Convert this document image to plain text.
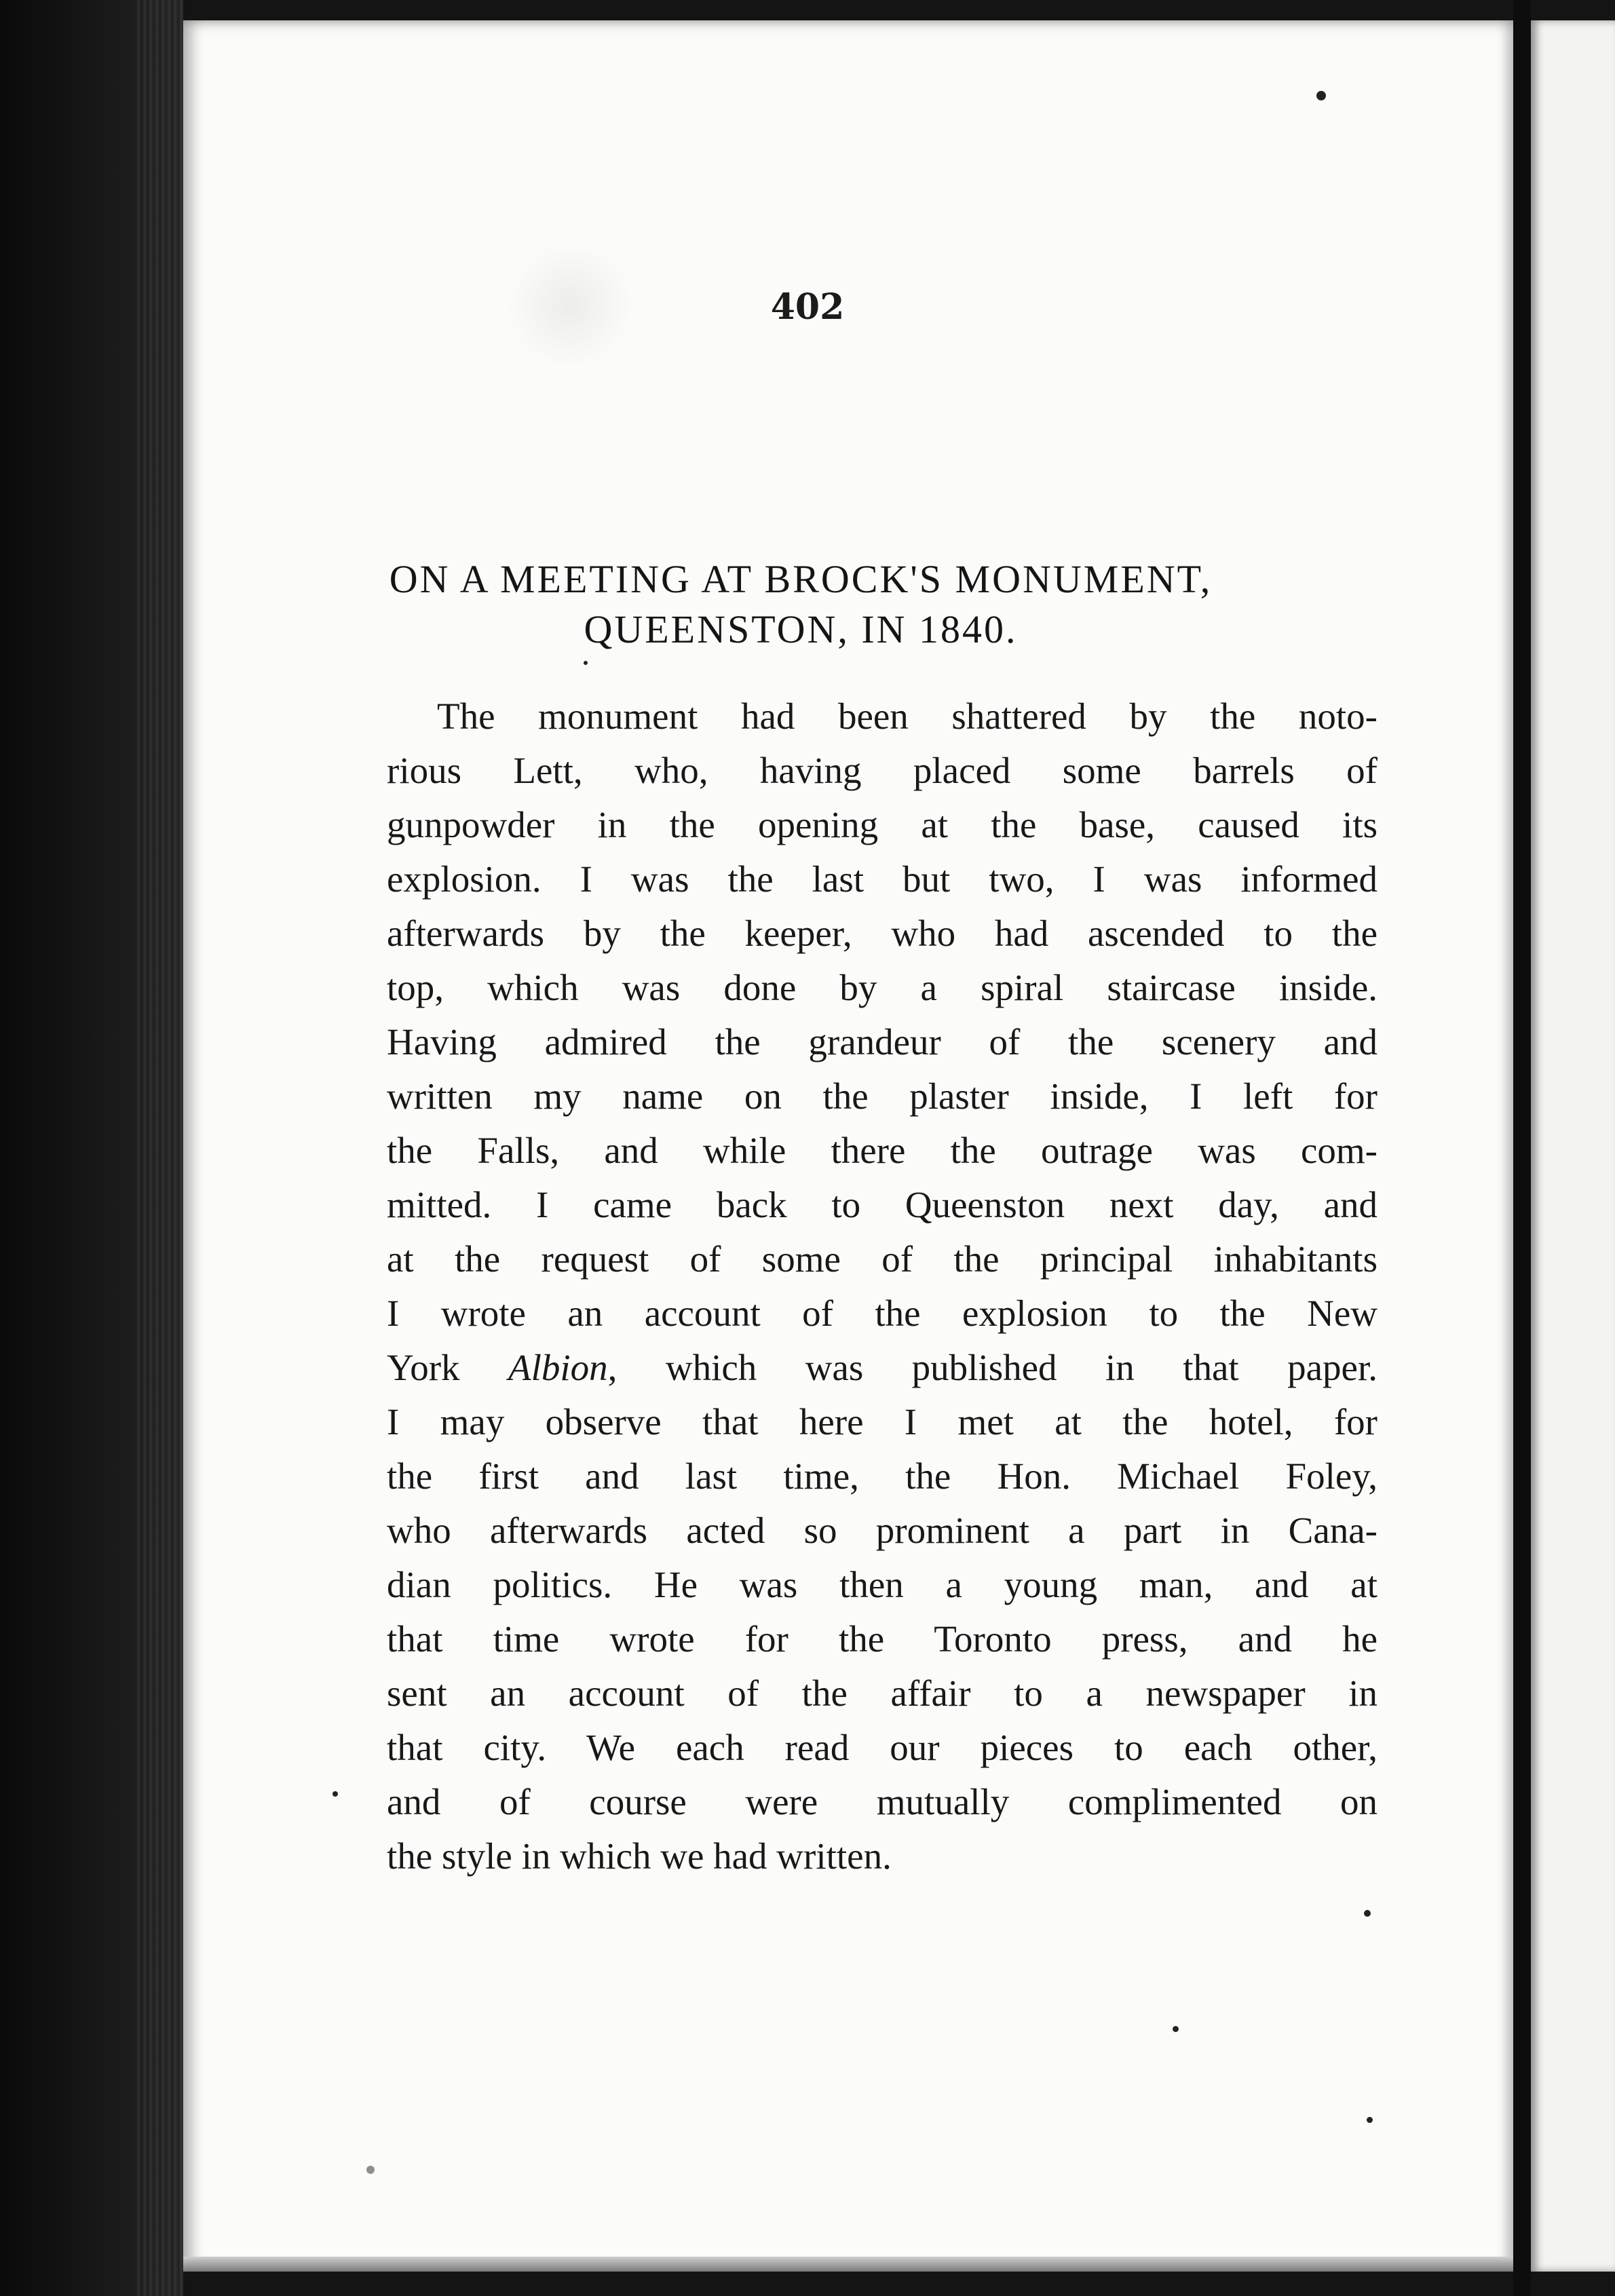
402
ON A MEETING AT BROCK'S MONUMENT,
QUEENSTON, IN 1840.
The monument had been shattered by the noto-
rious Lett, who, having placed some barrels of
gunpowder in the opening at the base, caused its
explosion. I was the last but two, I was informed
afterwards by the keeper, who had ascended to the
top, which was done by a spiral staircase inside.
Having admired the grandeur of the scenery and
written my name on the plaster inside, I left for
the Falls, and while there the outrage was com-
mitted. I came back to Queenston next day, and
at the request of some of the principal inhabitants
I wrote an account of the explosion to the New
York Albion, which was published in that paper.
I may observe that here I met at the hotel, for
the first and last time, the Hon. Michael Foley,
who afterwards acted so prominent a part in Cana-
dian politics. He was then a young man, and at
that time wrote for the Toronto press, and he
sent an account of the affair to a newspaper in
that city. We each read our pieces to each other,
and of course were mutually complimented on
the style in which we had written.
